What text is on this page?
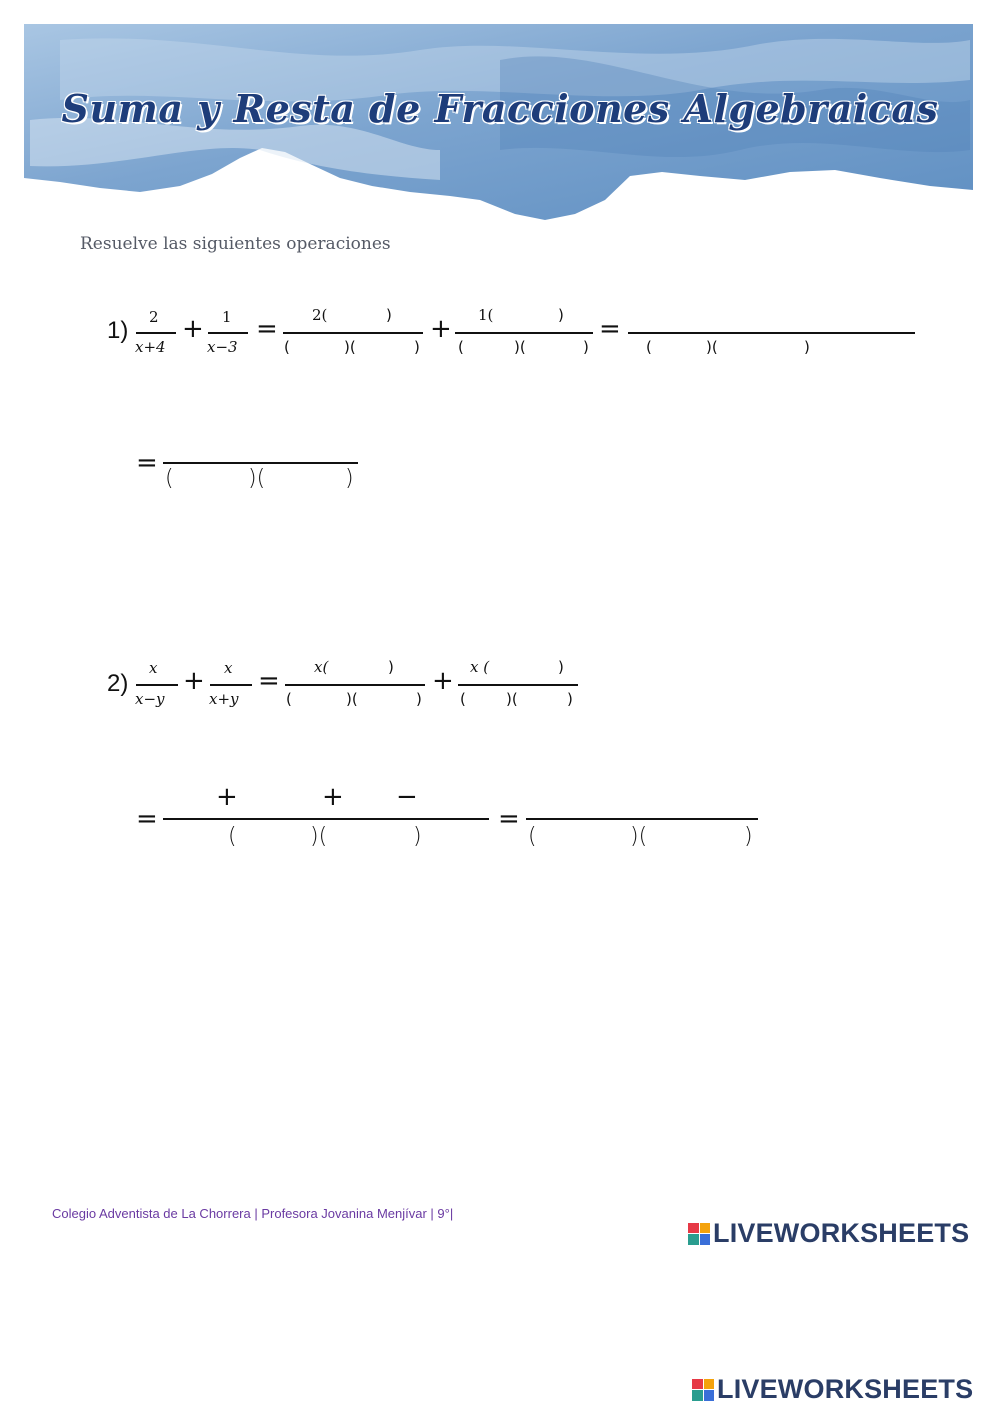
Suma y Resta de Fracciones Algebraicas
Resuelve las siguientes operaciones
1) 2
x+4
+ 1
x−3
= 2(	)
(	)(	)
+ 1(	)
(	)(	)
=
(	)(	)
=
(	)(	)
2)
x
x−y
+ x
x+y
= x(	)
(	)(	)
+ x (	)
(	)(	)
=
+	+ −
(	)(	)
=
(	)(	)
Colegio Adventista de La Chorrera | Profesora Jovanina Menjívar | 9°|
LIVEWORKSHEETS
LIVEWORKSHEETS
